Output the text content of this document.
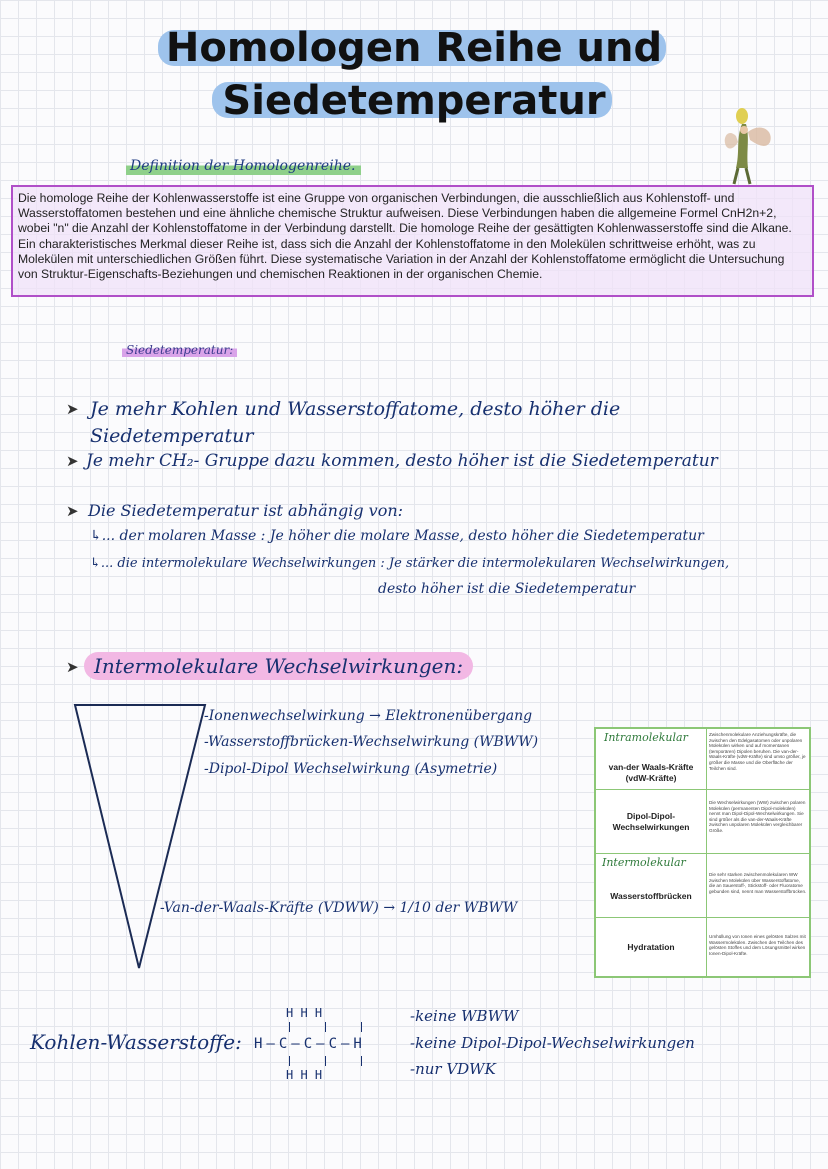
Homologen Reihe und
Siedetemperatur
Definition der Homologenreihe.
Die homologe Reihe der Kohlenwasserstoffe ist eine Gruppe von organischen Verbindungen, die ausschließlich aus Kohlenstoff- und Wasserstoffatomen bestehen und eine ähnliche chemische Struktur aufweisen. Diese Verbindungen haben die allgemeine Formel CnH2n+2, wobei "n" die Anzahl der Kohlenstoffatome in der Verbindung darstellt. Die homologe Reihe der gesättigten Kohlenwasserstoffe sind die Alkane. Ein charakteristisches Merkmal dieser Reihe ist, dass sich die Anzahl der Kohlenstoffatome in den Molekülen schrittweise erhöht, was zu Molekülen mit unterschiedlichen Größen führt. Diese systematische Variation in der Anzahl der Kohlenstoffatome ermöglicht die Untersuchung von Struktur-Eigenschafts-Beziehungen und chemischen Reaktionen in der organischen Chemie.
Siedetemperatur:
➤ Je mehr Kohlen und Wasserstoffatome, desto höher die
Siedetemperatur
➤ Je mehr CH₂- Gruppe dazu kommen, desto höher ist die Siedetemperatur
➤ Die Siedetemperatur ist abhängig von:
↳... der molaren Masse : Je höher die molare Masse, desto höher die Siedetemperatur
↳... die intermolekulare Wechselwirkungen : Je stärker die intermolekularen Wechselwirkungen,
desto höher ist die Siedetemperatur
➤ Intermolekulare Wechselwirkungen:
-Ionenwechselwirkung → Elektronenübergang
-Wasserstoffbrücken-Wechselwirkung (WBWW)
-Dipol-Dipol Wechselwirkung (Asymetrie)
-Van-der-Waals-Kräfte (VDWW) → 1/10 der WBWW
van-der Waals-Kräfte (vdW-Kräfte)
Zwischenmolekulare Anziehungskräfte, die zwischen den Edelgasatomen oder unpolaren Molekülen wirken und auf momentanen (temporären) Dipolen beruhen. Die van-der-Waals-Kräfte (vdW-Kräfte) sind umso größer, je größer die Masse und die Oberfläche der Teilchen sind.
Dipol-Dipol-Wechselwirkungen
Die Wechselwirkungen (WW) zwischen polaren Molekülen (permanenten Dipol-molekülen) nennt man Dipol-Dipol-Wechselwirkungen. Sie sind größer als die van-der-Waals-Kräfte zwischen unpolaren Molekülen vergleichbarer Größe.
Wasserstoffbrücken
Die sehr starken zwischenmolekularen WW zwischen Molekülen über Wasserstoffatome, die an Sauerstoff-, Stickstoff- oder Fluoratome gebunden sind, nennt man Wasserstoffbrücken.
Hydratation
Umhüllung von Ionen eines gelösten Salzes mit Wassermolekülen. Zwischen den Teilchen des gelösten Stoffes und dem Lösungsmittel wirken Ionen-Dipol-Kräfte.
Intramolekular
Intermolekular
Kohlen-Wasserstoffe:
H H H
H—C—C—C—H
H H H
-keine WBWW
-keine Dipol-Dipol-Wechselwirkungen
-nur VDWK
